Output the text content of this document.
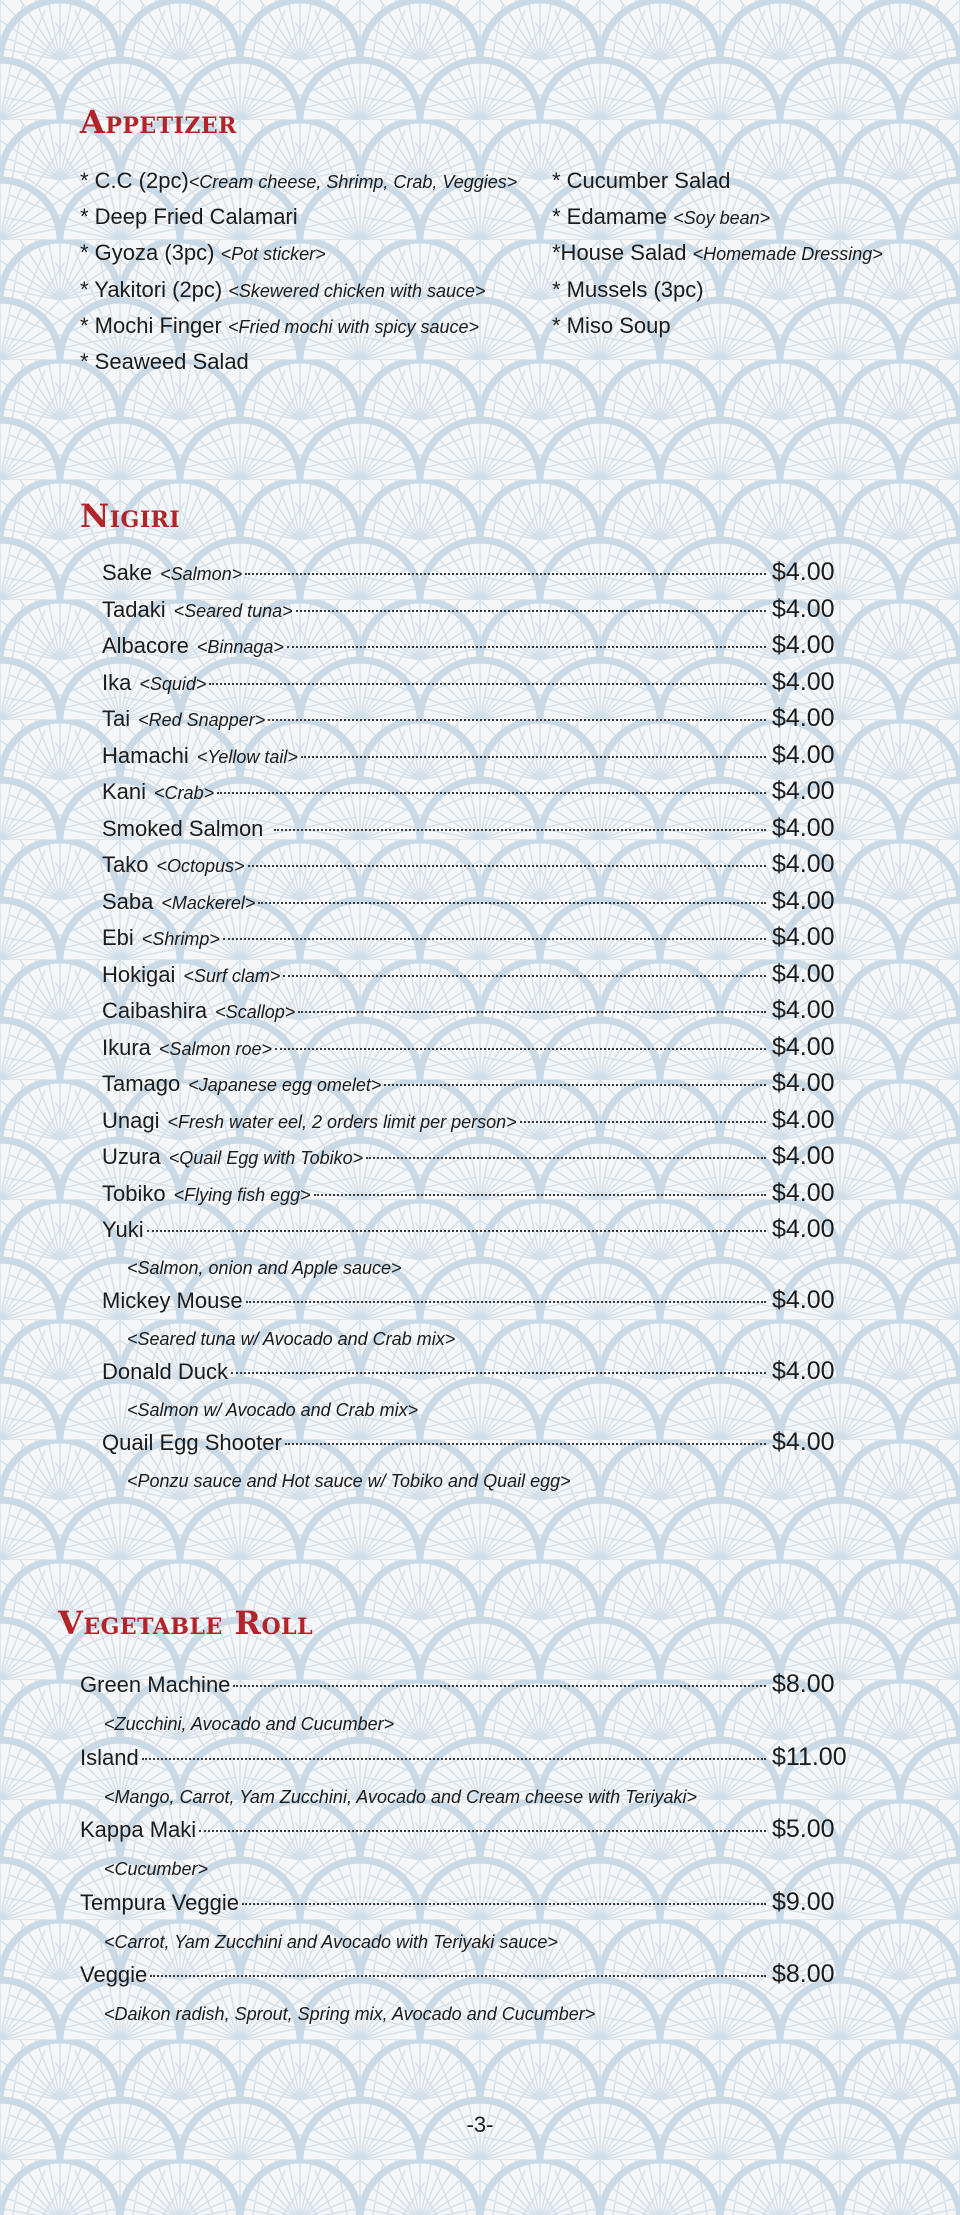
Appetizer
* C.C (2pc)<Cream cheese, Shrimp, Crab, Veggies>
* Deep Fried Calamari
* Gyoza (3pc) <Pot sticker>
* Yakitori (2pc) <Skewered chicken with sauce>
* Mochi Finger <Fried mochi with spicy sauce>
* Seaweed Salad
* Cucumber Salad
* Edamame <Soy bean>
*House Salad <Homemade Dressing>
* Mussels (3pc)
* Miso Soup
Nigiri
Sake <Salmon>	$4.00
Tadaki <Seared tuna>	$4.00
Albacore <Binnaga>	$4.00
Ika <Squid>	$4.00
Tai <Red Snapper>	$4.00
Hamachi <Yellow tail>	$4.00
Kani <Crab>	$4.00
Smoked Salmon	$4.00
Tako <Octopus>	$4.00
Saba <Mackerel>	$4.00
Ebi <Shrimp>	$4.00
Hokigai <Surf clam>	$4.00
Caibashira <Scallop>	$4.00
Ikura <Salmon roe>	$4.00
Tamago <Japanese egg omelet>	$4.00
Unagi <Fresh water eel, 2 orders limit per person>	$4.00
Uzura <Quail Egg with Tobiko>	$4.00
Tobiko <Flying fish egg>	$4.00
Yuki	$4.00
<Salmon, onion and Apple sauce>
Mickey Mouse	$4.00
<Seared tuna w/ Avocado and Crab mix>
Donald Duck	$4.00
<Salmon w/ Avocado and Crab mix>
Quail Egg Shooter	$4.00
<Ponzu sauce and Hot sauce w/ Tobiko and Quail egg>
Vegetable Roll
Green Machine	$8.00
<Zucchini, Avocado and Cucumber>
Island	$11.00
<Mango, Carrot, Yam Zucchini, Avocado and Cream cheese with Teriyaki>
Kappa Maki	$5.00
<Cucumber>
Tempura Veggie	$9.00
<Carrot, Yam Zucchini and Avocado with Teriyaki sauce>
Veggie	$8.00
<Daikon radish, Sprout, Spring mix, Avocado and Cucumber>
-3-
